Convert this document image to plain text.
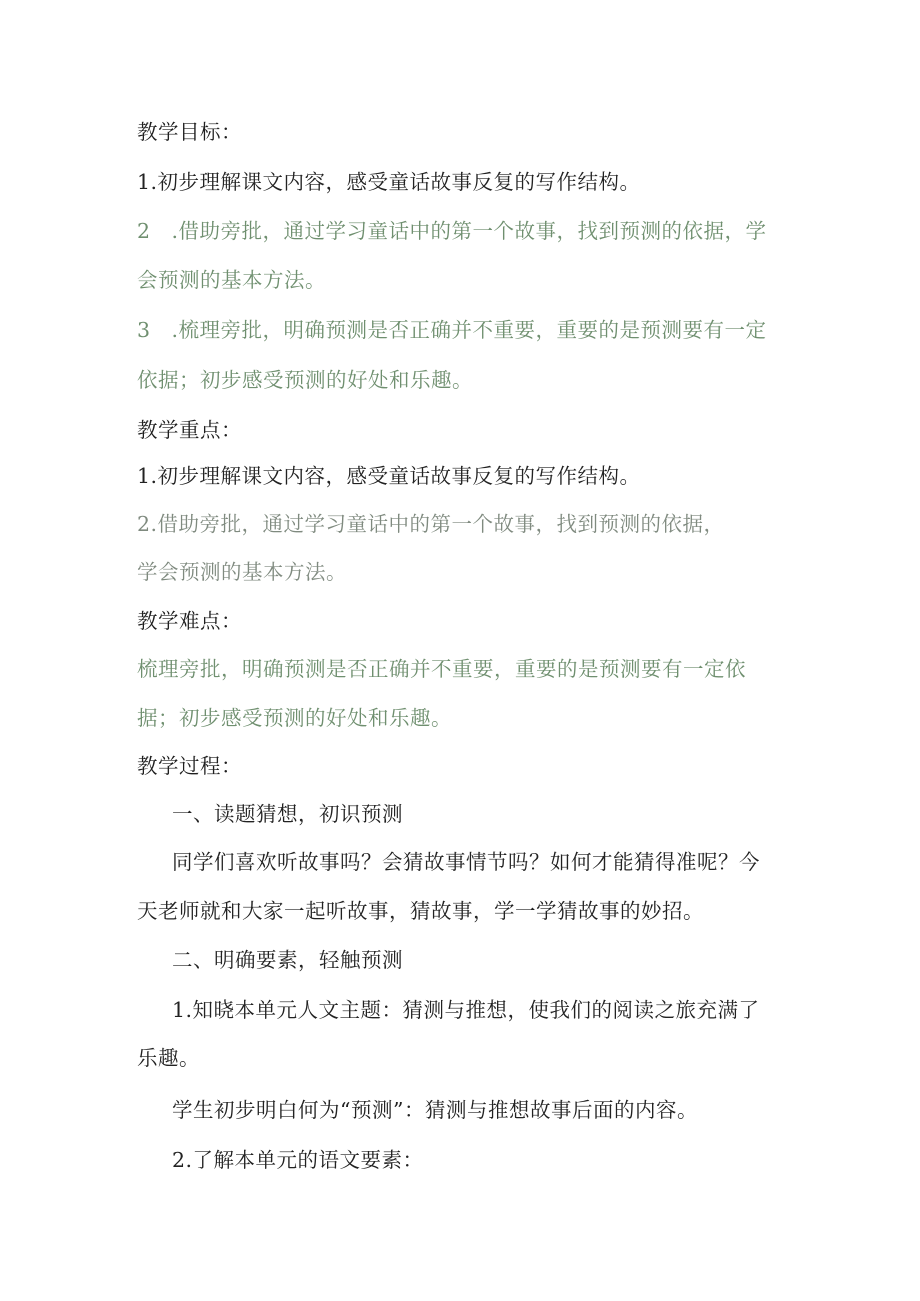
教学目标：
1.初步理解课文内容，感受童话故事反复的写作结构。
2　.借助旁批，通过学习童话中的第一个故事，找到预测的依据，学
会预测的基本方法。
3　.梳理旁批，明确预测是否正确并不重要，重要的是预测要有一定
依据；初步感受预测的好处和乐趣。
教学重点：
1.初步理解课文内容，感受童话故事反复的写作结构。
2.借助旁批，通过学习童话中的第一个故事，找到预测的依据，
学会预测的基本方法。
教学难点：
梳理旁批，明确预测是否正确并不重要，重要的是预测要有一定依
据；初步感受预测的好处和乐趣。
教学过程：
一、读题猜想，初识预测
同学们喜欢听故事吗？会猜故事情节吗？如何才能猜得准呢？今
天老师就和大家一起听故事，猜故事，学一学猜故事的妙招。
二、明确要素，轻触预测
1.知晓本单元人文主题：猜测与推想，使我们的阅读之旅充满了
乐趣。
学生初步明白何为“预测”：猜测与推想故事后面的内容。
2.了解本单元的语文要素：
